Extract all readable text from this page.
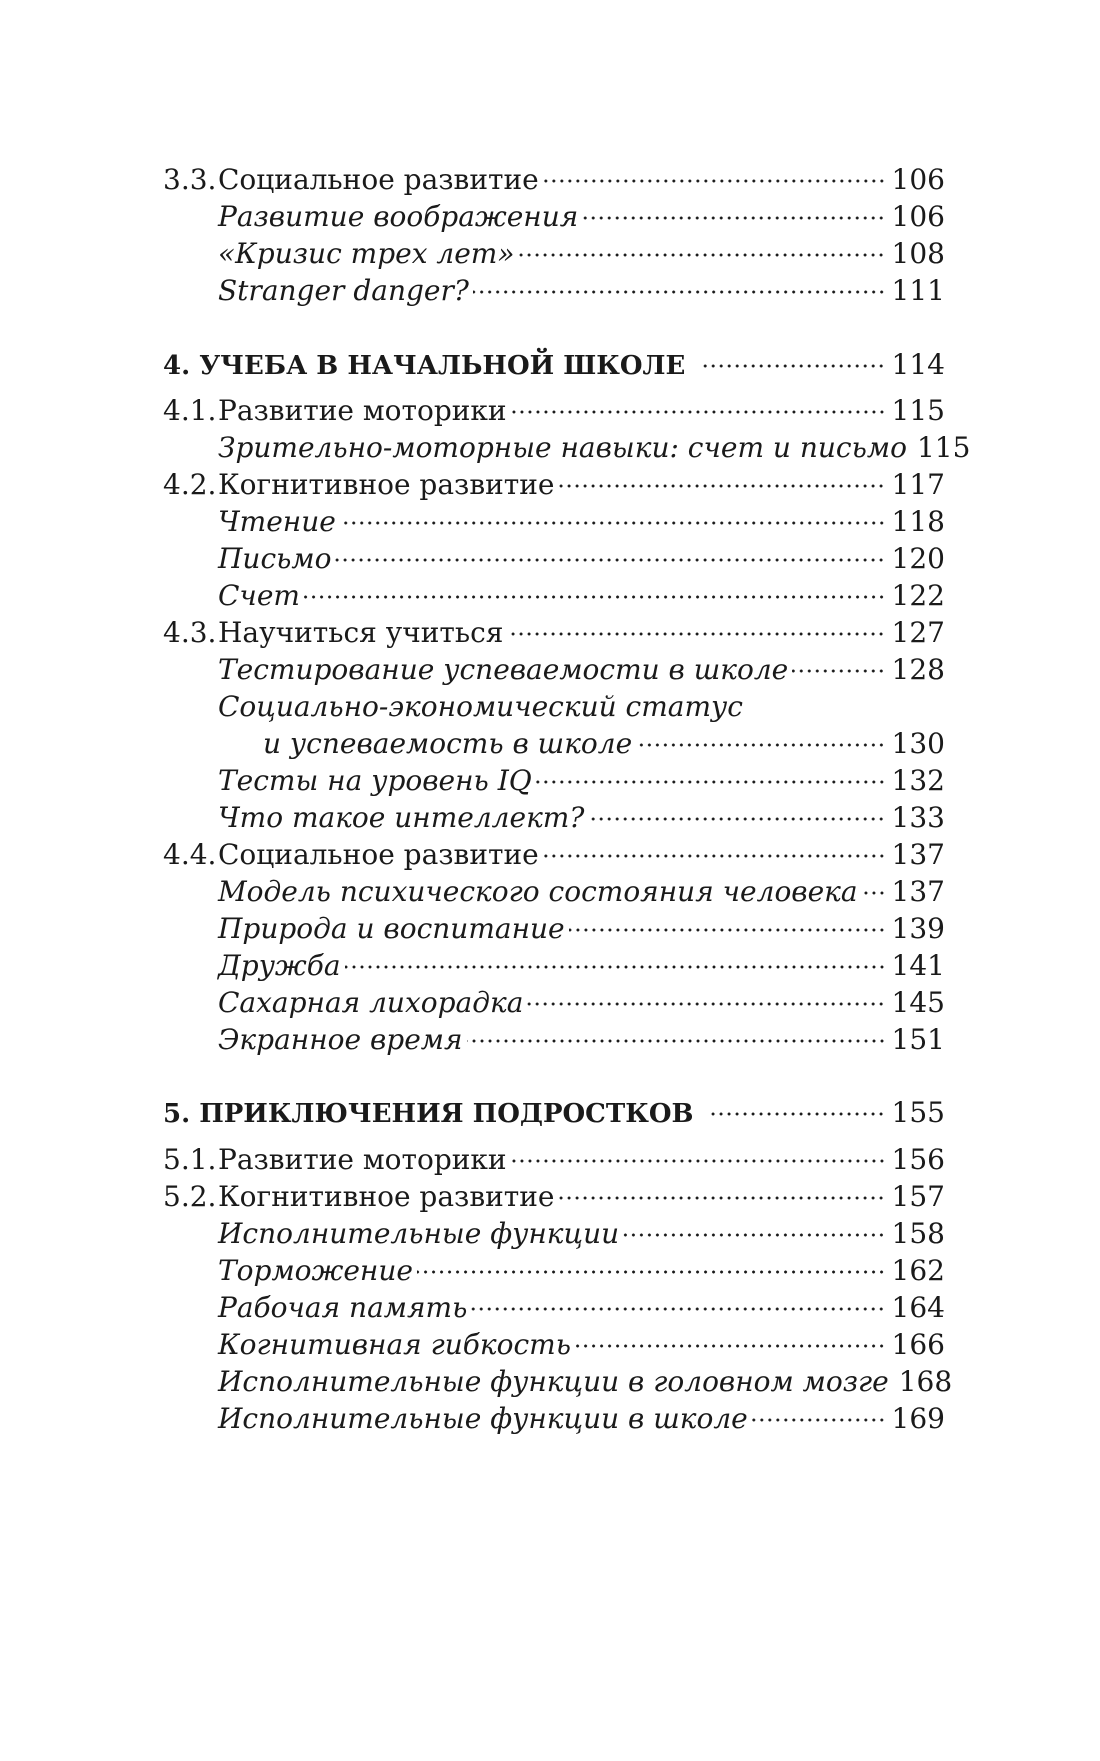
3.3. Социальное развитие	106
Развитие воображения	106
«Кризис трех лет»	108
Stranger danger?	111
4. УЧЕБА В НАЧАЛЬНОЙ ШКОЛЕ	114
4.1. Развитие моторики	115
Зрительно-моторные навыки: счет и письмо 115
4.2. Когнитивное развитие	117
Чтение	118
Письмо	120
Счет	122
4.3. Научиться учиться	127
Тестирование успеваемости в школе	128
Социально-экономический статус
и успеваемость в школе	130
Тесты на уровень IQ	132
Что такое интеллект?	133
4.4. Социальное развитие	137
Модель психического состояния человека 137
Природа и воспитание	139
Дружба	141
Сахарная лихорадка	145
Экранное время	151
5. ПРИКЛЮЧЕНИЯ ПОДРОСТКОВ	155
5.1. Развитие моторики	156
5.2. Когнитивное развитие	157
Исполнительные функции	158
Торможение	162
Рабочая память	164
Когнитивная гибкость	166
Исполнительные функции в головном мозге 168
Исполнительные функции в школе	169
